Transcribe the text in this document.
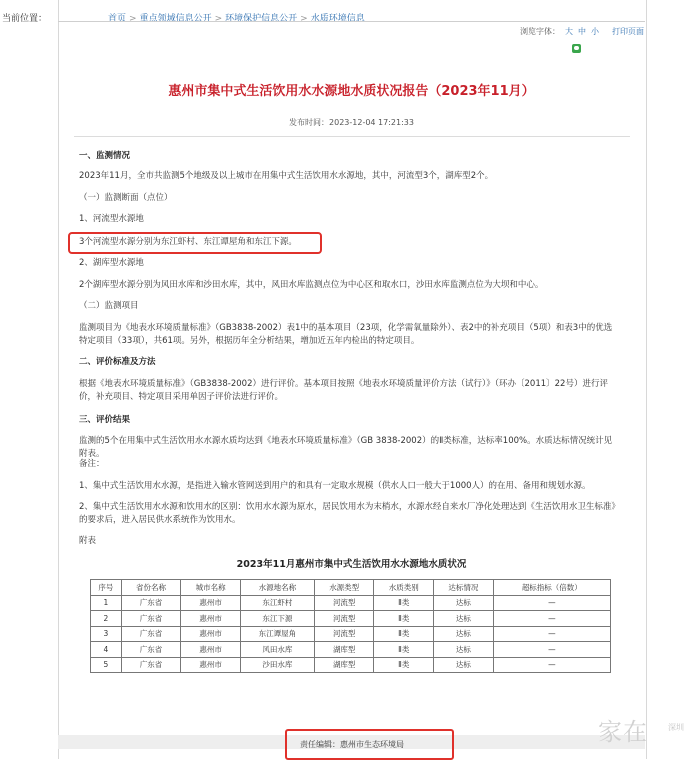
当前位置：	首页 > 重点领域信息公开 > 环境保护信息公开 > 水质环境信息
浏览字体： 大 中 小 打印页面
惠州市集中式生活饮用水水源地水质状况报告（2023年11月）
发布时间：2023-12-04 17:21:33

一、监测情况

2023年11月，全市共监测5个地级及以上城市在用集中式生活饮用水水源地，其中，河流型3个，湖库型2个。

（一）监测断面（点位）

1、河流型水源地

3个河流型水源分别为东江虾村、东江谭屋角和东江下源。

2、湖库型水源地

2个湖库型水源分别为风田水库和沙田水库，其中，风田水库监测点位为中心区和取水口，沙田水库监测点位为大坝和中心。

（二）监测项目

监测项目为《地表水环境质量标准》（GB3838-2002）表1中的基本项目（23项，化学需氧量除外）、表2中的补充项目（5项）和表3中的优选特定项目（33项），共61项。另外，根据历年全分析结果，增加近五年内检出的特定项目。

二、评价标准及方法

根据《地表水环境质量标准》（GB3838-2002）进行评价。基本项目按照《地表水环境质量评价方法（试行）》（环办〔2011〕22号）进行评价，补充项目、特定项目采用单因子评价法进行评价。

三、评价结果

监测的5个在用集中式生活饮用水水源水质均达到《地表水环境质量标准》（GB 3838-2002）的Ⅱ类标准，达标率100%。水质达标情况统计见附表。

备注：

1、集中式生活饮用水水源，是指进入输水管网送到用户的和具有一定取水规模（供水人口一般大于1000人）的在用、备用和规划水源。

2、集中式生活饮用水水源和饮用水的区别：饮用水水源为原水，居民饮用水为末梢水，水源水经自来水厂净化处理达到《生活饮用水卫生标准》的要求后，进入居民供水系统作为饮用水。

附表

2023年11月惠州市集中式生活饮用水水源地水质状况
序号	省份名称	城市名称	水源地名称	水源类型	水质类别	达标情况	超标指标（倍数）
1	广东省	惠州市	东江虾村	河流型	Ⅱ类	达标	—
2	广东省	惠州市	东江下源	河流型	Ⅱ类	达标	—
3	广东省	惠州市	东江谭屋角	河流型	Ⅱ类	达标	—
4	广东省	惠州市	风田水库	湖库型	Ⅱ类	达标	—
5	广东省	惠州市	沙田水库	湖库型	Ⅱ类	达标	—
责任编辑：惠州市生态环境局	家在	深圳
